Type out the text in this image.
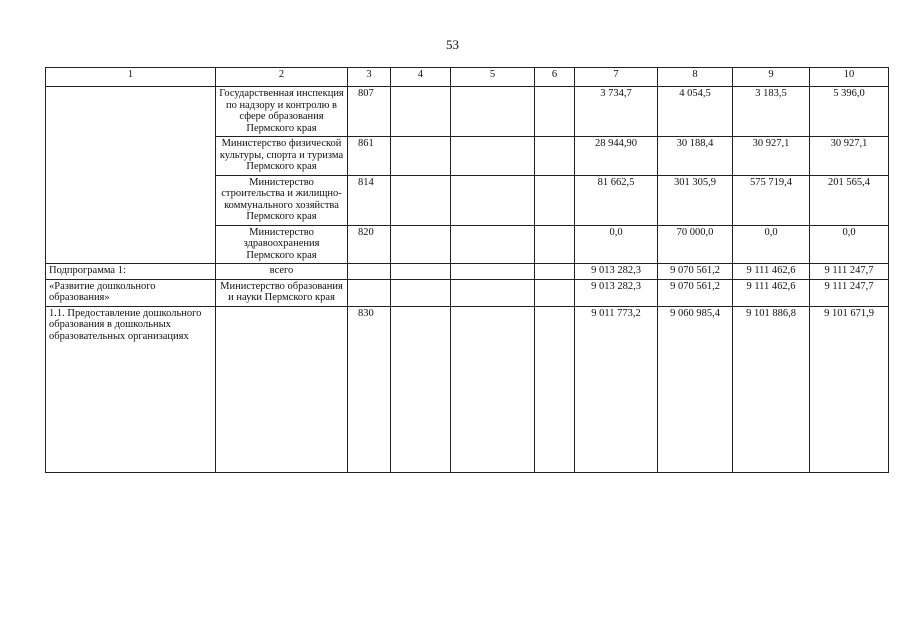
53
1	2	3	4	5	6	7	8	9	10
	Государственная инспекция по надзору и контролю в сфере образования Пермского края	807				3 734,7	4 054,5	3 183,5	5 396,0
	Министерство физической культуры, спорта и туризма Пермского края	861				28 944,90	30 188,4	30 927,1	30 927,1
	Министерство строительства и жилищно-коммунального хозяйства Пермского края	814				81 662,5	301 305,9	575 719,4	201 565,4
	Министерство здравоохранения Пермского края	820				0,0	70 000,0	0,0	0,0
Подпрограмма 1:	всего					9 013 282,3	9 070 561,2	9 111 462,6	9 111 247,7
«Развитие дошкольного образования»	Министерство образования и науки Пермского края					9 013 282,3	9 070 561,2	9 111 462,6	9 111 247,7
1.1. Предоставление дошкольного образования в дошкольных образовательных организациях		830				9 011 773,2	9 060 985,4	9 101 886,8	9 101 671,9
